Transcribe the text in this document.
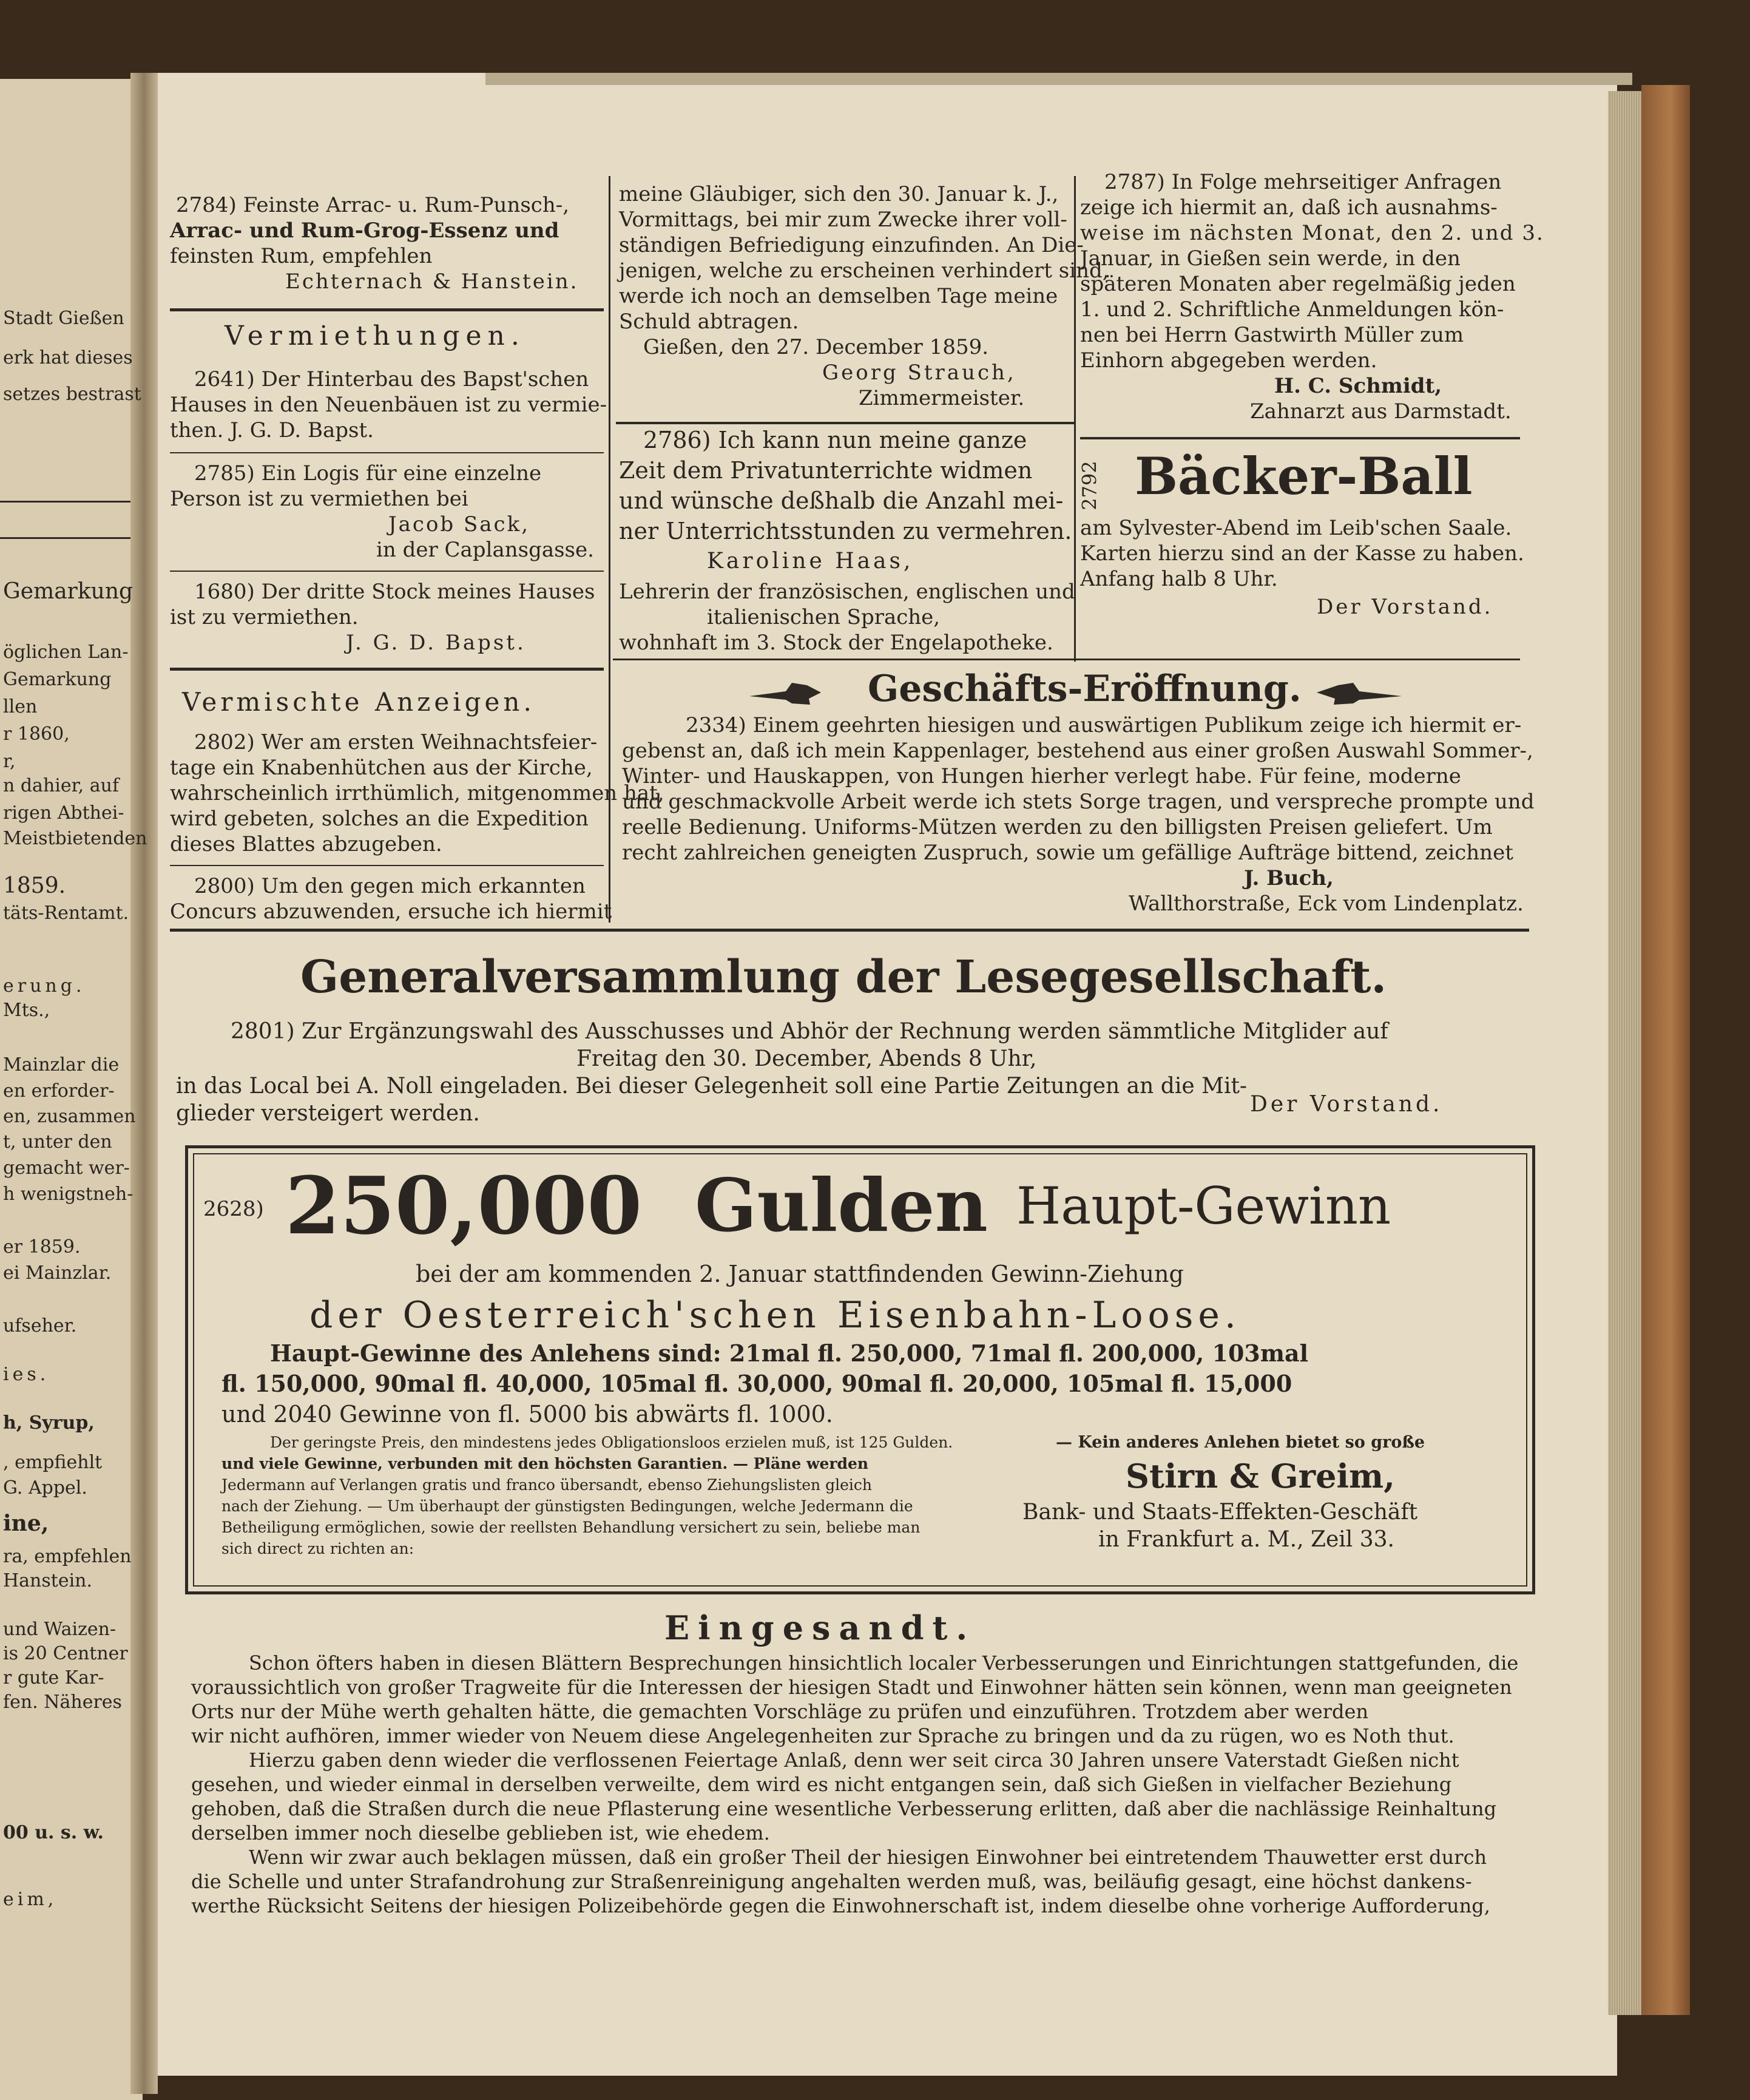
Stadt Gießen
erk hat dieses
setzes bestrast
Gemarkung
öglichen Lan-
Gemarkung
llen
r 1860,
r,
n dahier, auf
rigen Abthei-
Meistbietenden
1859.
täts-Rentamt.
erung.
Mts.,
Mainzlar die
en erforder-
en, zusammen
t, unter den
gemacht wer-
h wenigstneh-
er 1859.
ei Mainzlar.
ufseher.
ies.
h, Syrup,
, empfiehlt
G. Appel.
ine,
ra, empfehlen
Hanstein.
und Waizen-
is 20 Centner
r gute Kar-
fen. Näheres
00 u. s. w.
eim,
2784) Feinste Arrac- u. Rum-Punsch-,
Arrac- und Rum-Grog-Essenz und
feinsten Rum, empfehlen
Echternach & Hanstein.
Vermiethungen.
2641) Der Hinterbau des Bapst'schen
Hauses in den Neuenbäuen ist zu vermie-
then. J. G. D. Bapst.
2785) Ein Logis für eine einzelne
Person ist zu vermiethen bei
Jacob Sack,
in der Caplansgasse.
1680) Der dritte Stock meines Hauses
ist zu vermiethen.
J. G. D. Bapst.
Vermischte Anzeigen.
2802) Wer am ersten Weihnachtsfeier-
tage ein Knabenhütchen aus der Kirche,
wahrscheinlich irrthümlich, mitgenommen hat,
wird gebeten, solches an die Expedition
dieses Blattes abzugeben.
2800) Um den gegen mich erkannten
Concurs abzuwenden, ersuche ich hiermit
meine Gläubiger, sich den 30. Januar k. J.,
Vormittags, bei mir zum Zwecke ihrer voll-
ständigen Befriedigung einzufinden. An Die-
jenigen, welche zu erscheinen verhindert sind,
werde ich noch an demselben Tage meine
Schuld abtragen.
Gießen, den 27. December 1859.
Georg Strauch,
Zimmermeister.
2786) Ich kann nun meine ganze
Zeit dem Privatunterrichte widmen
und wünsche deßhalb die Anzahl mei-
ner Unterrichtsstunden zu vermehren.
Karoline Haas,
Lehrerin der französischen, englischen und
italienischen Sprache,
wohnhaft im 3. Stock der Engelapotheke.
2787) In Folge mehrseitiger Anfragen
zeige ich hiermit an, daß ich ausnahms-
weise im nächsten Monat, den 2. und 3.
Januar, in Gießen sein werde, in den
späteren Monaten aber regelmäßig jeden
1. und 2. Schriftliche Anmeldungen kön-
nen bei Herrn Gastwirth Müller zum
Einhorn abgegeben werden.
H. C. Schmidt,
Zahnarzt aus Darmstadt.
2792 Bäcker-Ball
am Sylvester-Abend im Leib'schen Saale.
Karten hierzu sind an der Kasse zu haben.
Anfang halb 8 Uhr.
Der Vorstand.
Geschäfts-Eröffnung.
2334) Einem geehrten hiesigen und auswärtigen Publikum zeige ich hiermit er-
gebenst an, daß ich mein Kappenlager, bestehend aus einer großen Auswahl Sommer-,
Winter- und Hauskappen, von Hungen hierher verlegt habe. Für feine, moderne
und geschmackvolle Arbeit werde ich stets Sorge tragen, und verspreche prompte und
reelle Bedienung. Uniforms-Mützen werden zu den billigsten Preisen geliefert. Um
recht zahlreichen geneigten Zuspruch, sowie um gefällige Aufträge bittend, zeichnet
J. Buch,
Wallthorstraße, Eck vom Lindenplatz.
Generalversammlung der Lesegesellschaft.
2801) Zur Ergänzungswahl des Ausschusses und Abhör der Rechnung werden sämmtliche Mitglider auf
Freitag den 30. December, Abends 8 Uhr,
in das Local bei A. Noll eingeladen. Bei dieser Gelegenheit soll eine Partie Zeitungen an die Mit-
glieder versteigert werden.	Der Vorstand.
2628) 250,000 Gulden Haupt-Gewinn
bei der am kommenden 2. Januar stattfindenden Gewinn-Ziehung
der Oesterreich'schen Eisenbahn-Loose.
Haupt-Gewinne des Anlehens sind: 21mal fl. 250,000, 71mal fl. 200,000, 103mal
fl. 150,000, 90mal fl. 40,000, 105mal fl. 30,000, 90mal fl. 20,000, 105mal fl. 15,000
und 2040 Gewinne von fl. 5000 bis abwärts fl. 1000.
Der geringste Preis, den mindestens jedes Obligationsloos erzielen muß, ist 125 Gulden.	— Kein anderes Anlehen bietet so große
und viele Gewinne, verbunden mit den höchsten Garantien. — Pläne werden
Jedermann auf Verlangen gratis und franco übersandt, ebenso Ziehungslisten gleich
nach der Ziehung. — Um überhaupt der günstigsten Bedingungen, welche Jedermann die
Betheiligung ermöglichen, sowie der reellsten Behandlung versichert zu sein, beliebe man
sich direct zu richten an:
Stirn & Greim,
Bank- und Staats-Effekten-Geschäft
in Frankfurt a. M., Zeil 33.
Eingesandt.
Schon öfters haben in diesen Blättern Besprechungen hinsichtlich localer Verbesserungen und Einrichtungen stattgefunden, die
voraussichtlich von großer Tragweite für die Interessen der hiesigen Stadt und Einwohner hätten sein können, wenn man geeigneten
Orts nur der Mühe werth gehalten hätte, die gemachten Vorschläge zu prüfen und einzuführen. Trotzdem aber werden
wir nicht aufhören, immer wieder von Neuem diese Angelegenheiten zur Sprache zu bringen und da zu rügen, wo es Noth thut.
Hierzu gaben denn wieder die verflossenen Feiertage Anlaß, denn wer seit circa 30 Jahren unsere Vaterstadt Gießen nicht
gesehen, und wieder einmal in derselben verweilte, dem wird es nicht entgangen sein, daß sich Gießen in vielfacher Beziehung
gehoben, daß die Straßen durch die neue Pflasterung eine wesentliche Verbesserung erlitten, daß aber die nachlässige Reinhaltung
derselben immer noch dieselbe geblieben ist, wie ehedem.
Wenn wir zwar auch beklagen müssen, daß ein großer Theil der hiesigen Einwohner bei eintretendem Thauwetter erst durch
die Schelle und unter Strafandrohung zur Straßenreinigung angehalten werden muß, was, beiläufig gesagt, eine höchst dankens-
werthe Rücksicht Seitens der hiesigen Polizeibehörde gegen die Einwohnerschaft ist, indem dieselbe ohne vorherige Aufforderung,
